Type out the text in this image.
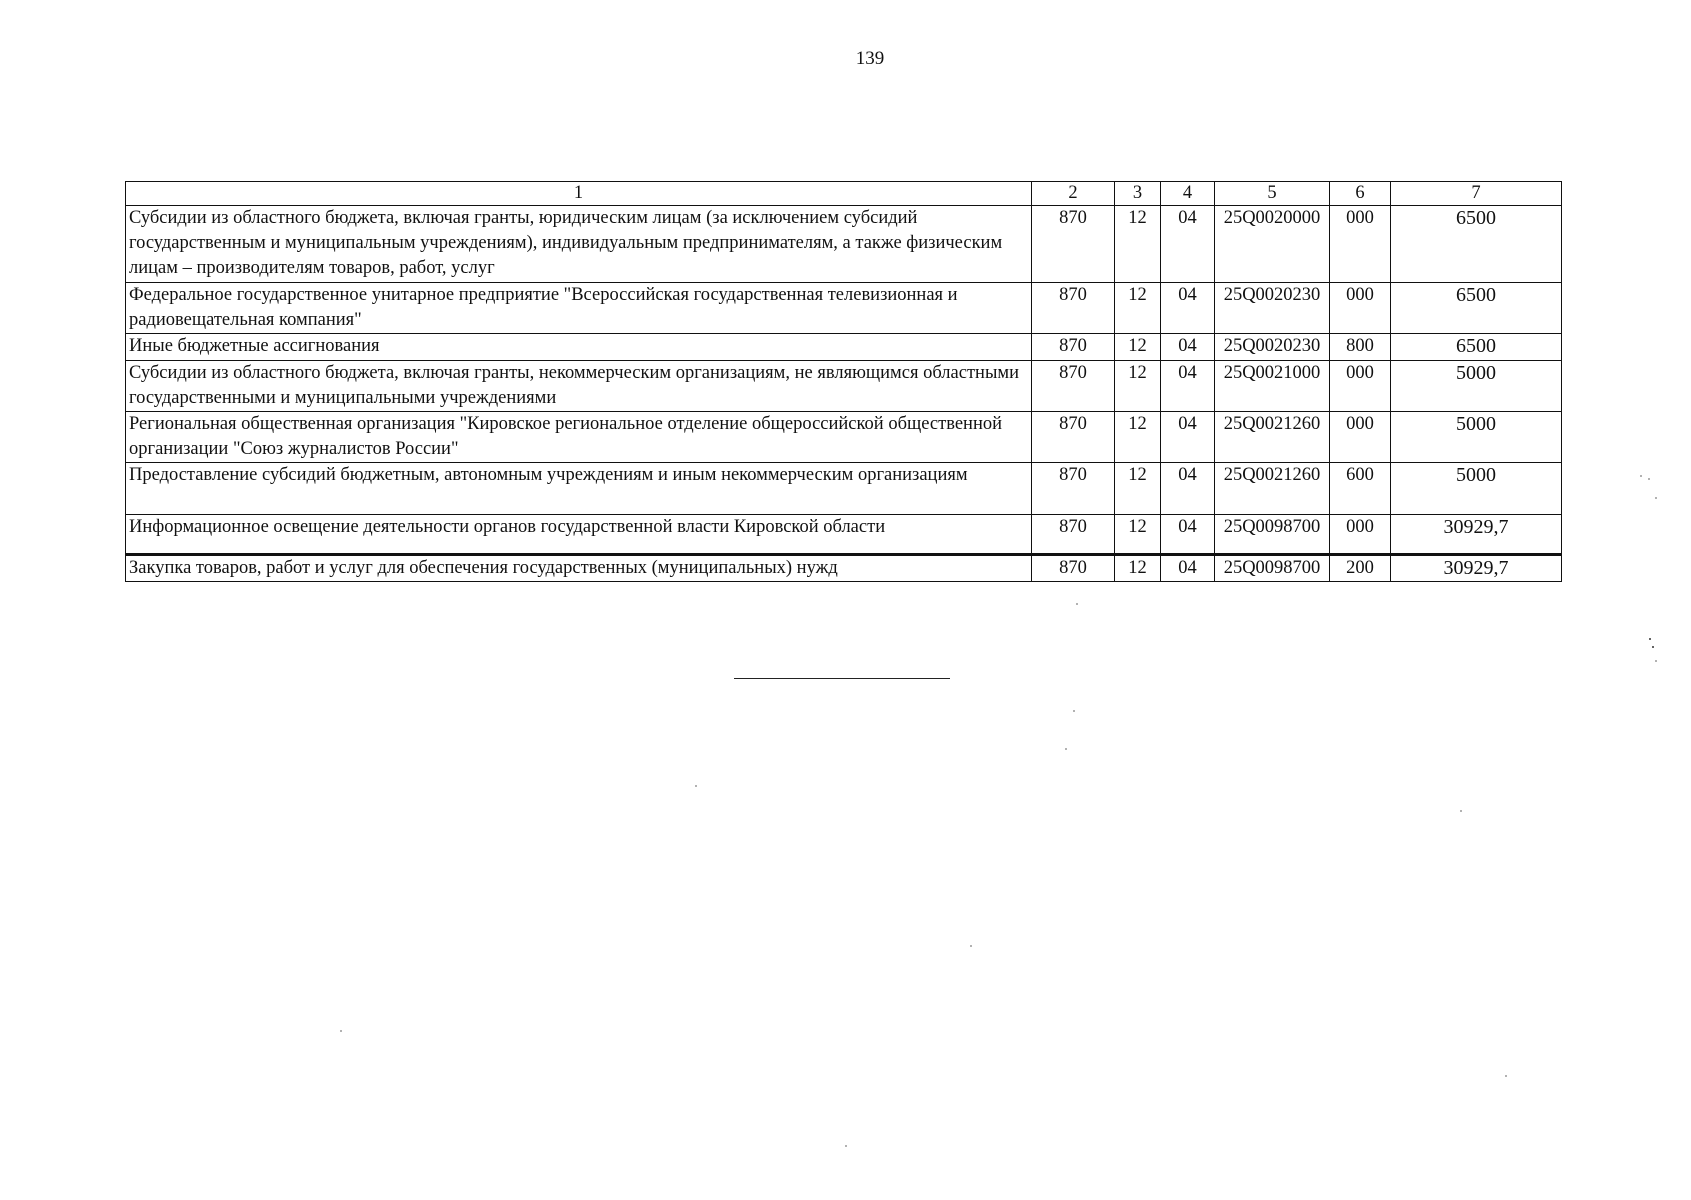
139
1	2	3	4	5	6	7
Субсидии из областного бюджета, включая гранты, юридическим лицам (за исключением субсидий государственным и муниципальным учреждениям), индивидуальным предпринимателям, а также физическим лицам – производителям товаров, работ, услуг	870	12	04	25Q0020000	000	6500
Федеральное государственное унитарное предприятие "Всероссийская государственная телевизионная и радиовещательная компания"	870	12	04	25Q0020230	000	6500
Иные бюджетные ассигнования	870	12	04	25Q0020230	800	6500
Субсидии из областного бюджета, включая гранты, некоммерческим организациям, не являющимся областными государственными и муниципальными учреждениями	870	12	04	25Q0021000	000	5000
Региональная общественная организация "Кировское региональное отделение общероссийской общественной организации "Союз журналистов России"	870	12	04	25Q0021260	000	5000
Предоставление субсидий бюджетным, автономным учреждениям и иным некоммерческим организациям	870	12	04	25Q0021260	600	5000
Информационное освещение деятельности органов государственной власти Кировской области	870	12	04	25Q0098700	000	30929,7
Закупка товаров, работ и услуг для обеспечения государственных (муниципальных) нужд	870	12	04	25Q0098700	200	30929,7
